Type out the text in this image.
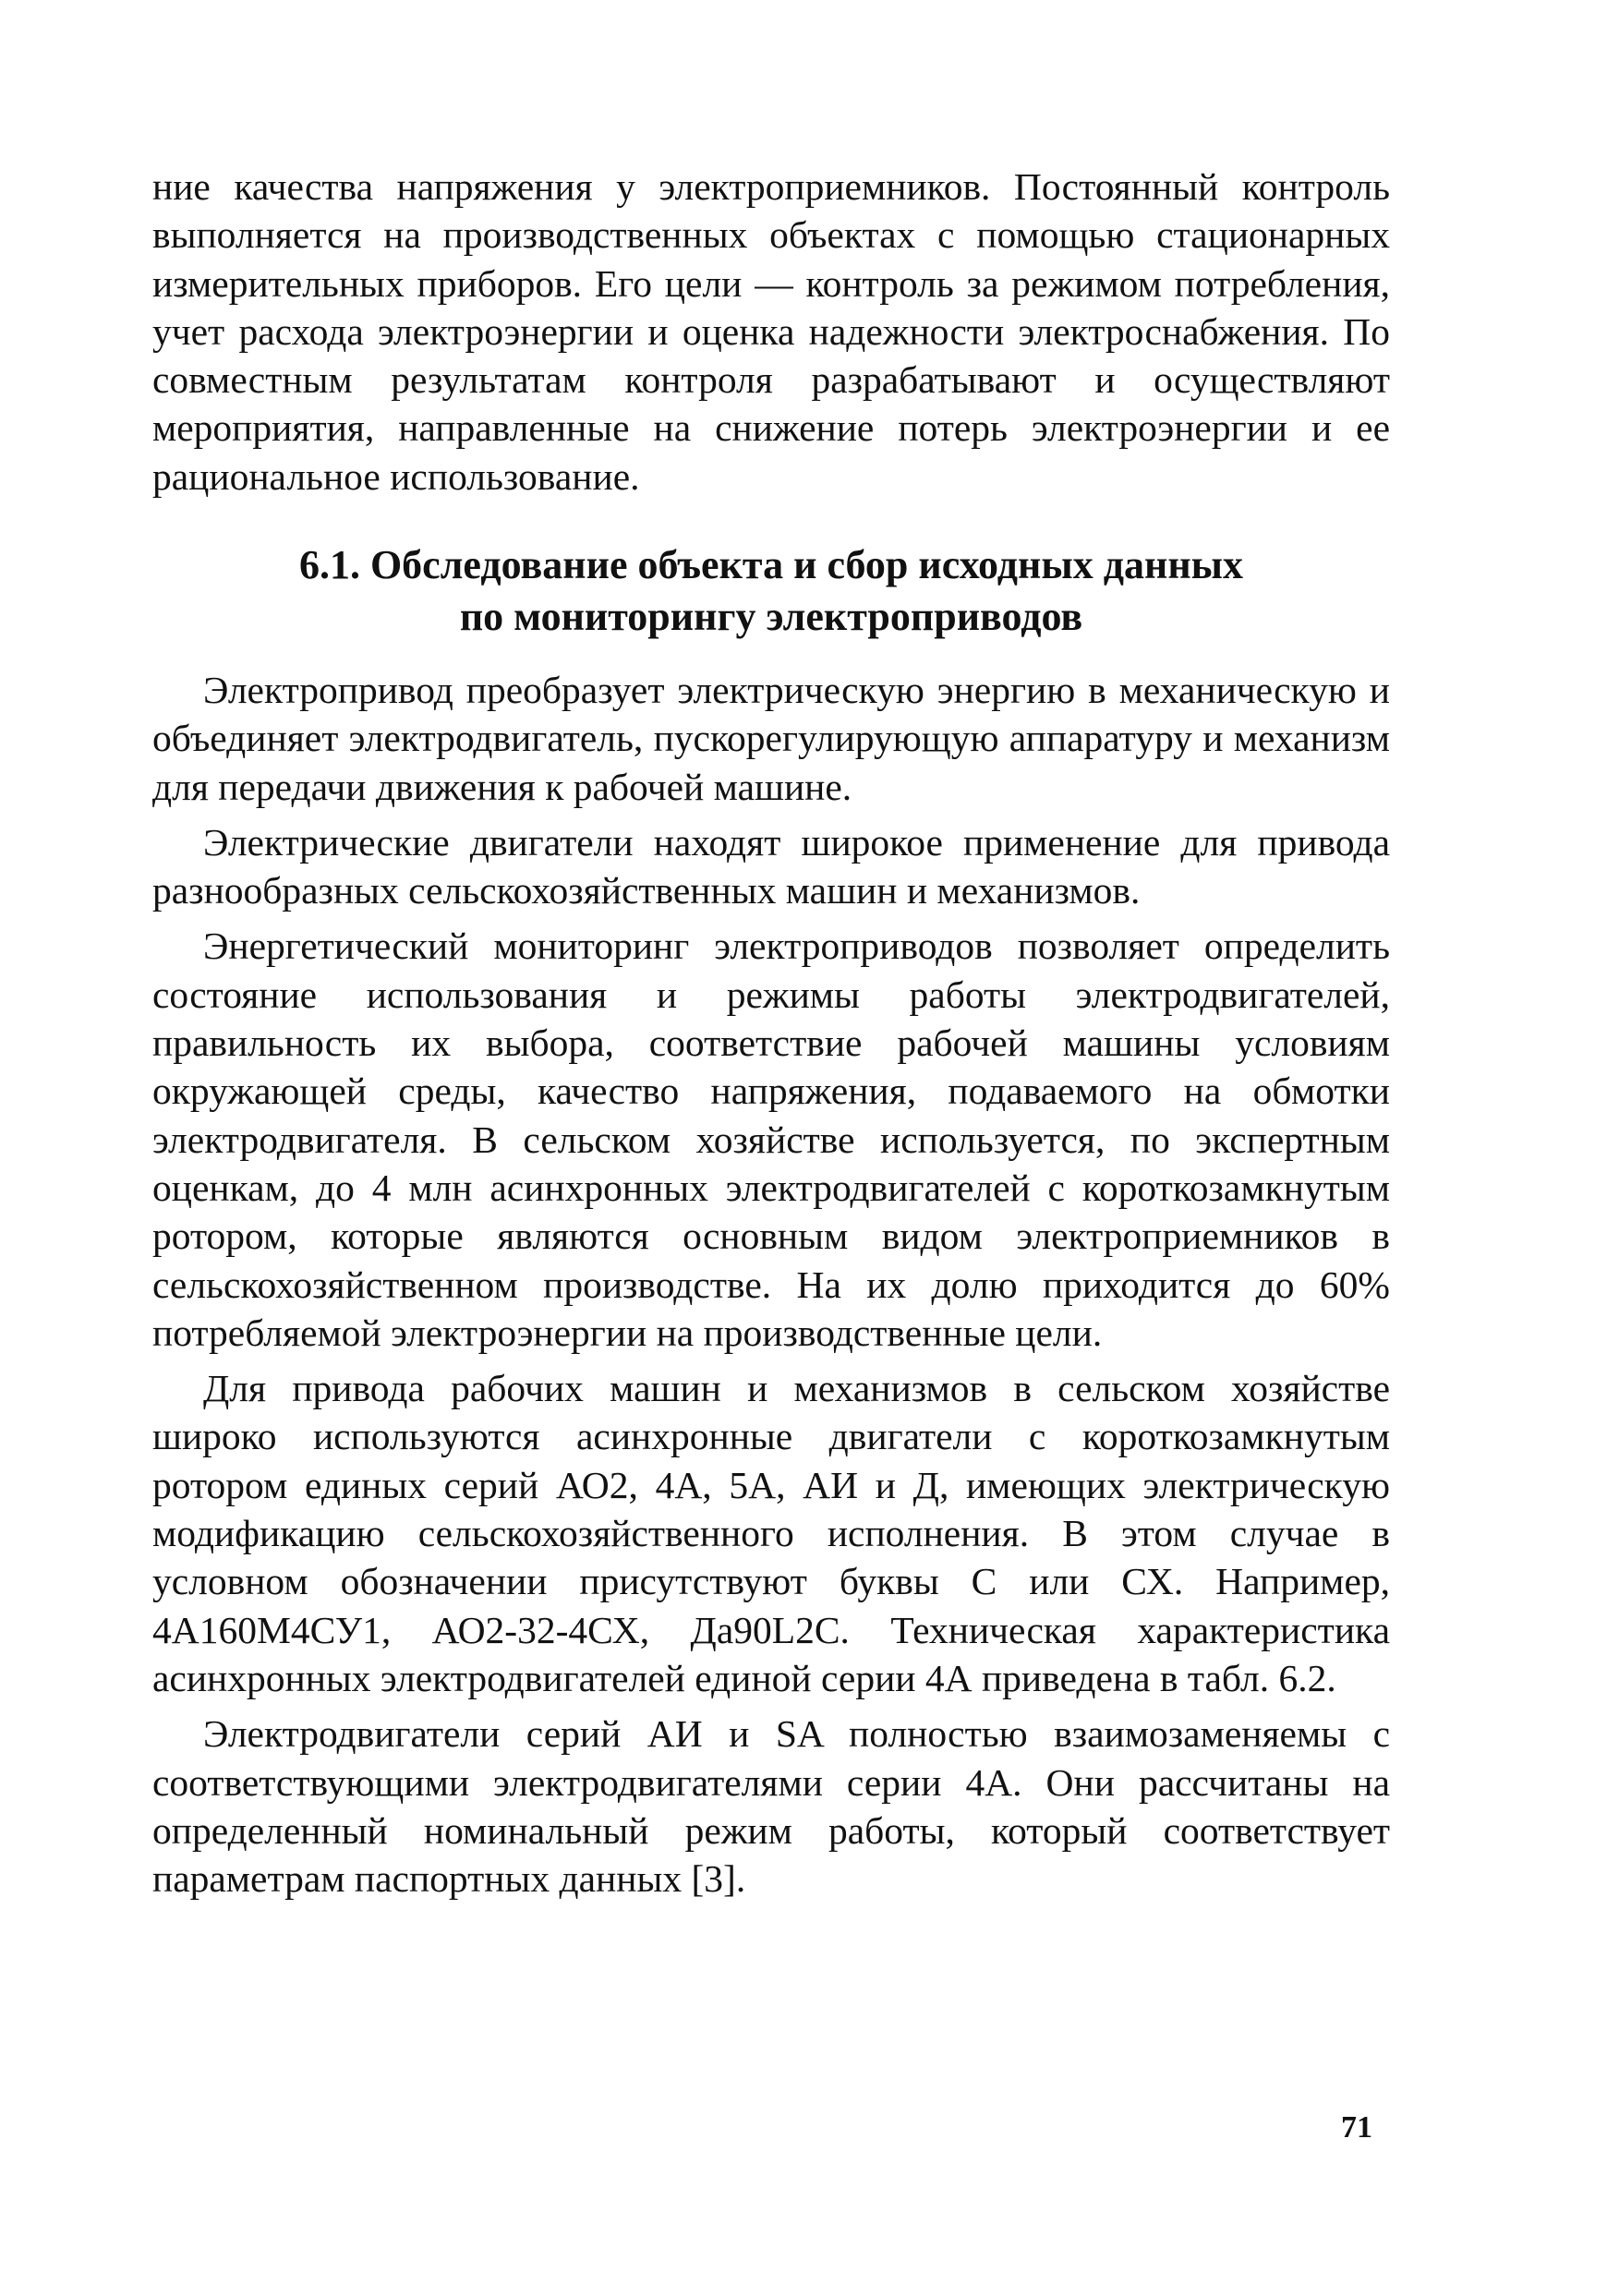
ние качества напряжения у электроприемников. Постоянный контроль выполняется на производственных объектах с помощью стационарных измерительных приборов. Его цели — контроль за режимом потребления, учет расхода электроэнергии и оценка надежности электроснабжения. По совместным результатам контроля разрабатывают и осуществляют мероприятия, направленные на снижение потерь электроэнергии и ее рациональное использование.

6.1. Обследование объекта и сбор исходных данных
по мониторингу электроприводов

Электропривод преобразует электрическую энергию в механическую и объединяет электродвигатель, пускорегулирующую аппаратуру и механизм для передачи движения к рабочей машине.

Электрические двигатели находят широкое применение для привода разнообразных сельскохозяйственных машин и механизмов.

Энергетический мониторинг электроприводов позволяет определить состояние использования и режимы работы электродвигателей, правильность их выбора, соответствие рабочей машины условиям окружающей среды, качество напряжения, подаваемого на обмотки электродвигателя. В сельском хозяйстве используется, по экспертным оценкам, до 4 млн асинхронных электродвигателей с короткозамкнутым ротором, которые являются основным видом электроприемников в сельскохозяйственном производстве. На их долю приходится до 60% потребляемой электроэнергии на производственные цели.

Для привода рабочих машин и механизмов в сельском хозяйстве широко используются асинхронные двигатели с короткозамкнутым ротором единых серий АО2, 4А, 5А, АИ и Д, имеющих электрическую модификацию сельскохозяйственного исполнения. В этом случае в условном обозначении присутствуют буквы С или СХ. Например, 4А160М4СУ1, АО2-32-4СХ, Да90L2С. Техническая характеристика асинхронных электродвигателей единой серии 4А приведена в табл. 6.2.

Электродвигатели серий АИ и SA полностью взаимозаменяемы с соответствующими электродвигателями серии 4А. Они рассчитаны на определенный номинальный режим работы, который соответствует параметрам паспортных данных [3].

71
